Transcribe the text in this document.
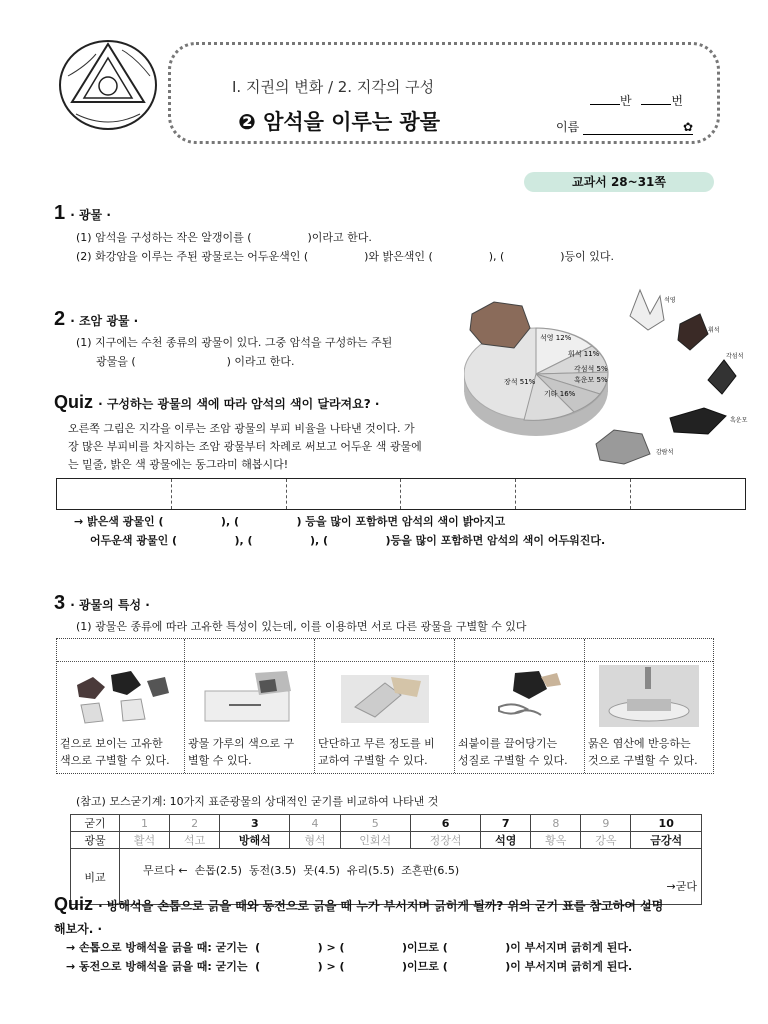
Ⅰ. 지권의 변화 / 2. 지각의 구성
❷ 암석을 이루는 광물
반	번
이름	✿
교과서 28~31쪽
1 · 광물 ·
(1) 암석을 구성하는 작은 알갱이를 (                )이라고 한다.
(2) 화강암을 이루는 주된 광물로는 어두운색인 (                )와 밝은색인 (                ), (                )등이 있다.
2 · 조암 광물 ·
(1) 지구에는 수천 종류의 광물이 있다. 그중 암석을 구성하는 주된
광물을 (                          ) 이라고 한다.
석영 12%
휘석 11%
각섬석 5%
흑운모 5%
기타 16%
장석 51%
석영
휘석
각섬석
흑운모
감람석
Quiz · 구성하는 광물의 색에 따라 암석의 색이 달라져요? ·
오른쪽 그림은 지각을 이루는 조암 광물의 부피 비율을 나타낸 것이다. 가
장 많은 부피비를 차지하는 조암 광물부터 차례로 써보고 어두운 색 광물에
는 밑줄, 밝은 색 광물에는 동그라미 해봅시다!
→ 밝은색 광물인 (               ), (               ) 등을 많이 포함하면 암석의 색이 밝아지고
어두운색 광물인 (               ), (               ), (               )등을 많이 포함하면 암석의 색이 어두워진다.
3 · 광물의 특성 ·
(1) 광물은 종류에 따라 고유한 특성이 있는데, 이를 이용하면 서로 다른 광물을 구별할 수 있다
겉으로 보이는 고유한
색으로 구별할 수 있다.
광물 가루의 색으로 구
별할 수 있다.
단단하고 무른 정도를 비
교하여 구별할 수 있다.
쇠붙이를 끌어당기는
성질로 구별할 수 있다.
묽은 염산에 반응하는
것으로 구별할 수 있다.
(참고) 모스굳기계: 10가지 표준광물의 상대적인 굳기를 비교하여 나타낸 것
굳기	1	2	3	4	5	6	7	8	9	10
광물	활석	석고	방해석	형석	인회석	정장석	석영	황옥	강옥	금강석
비교	무르다 ←  손톱(2.5)  동전(3.5)  못(4.5)  유리(5.5)  조흔판(6.5)

→굳다									

Quiz · 방해석을 손톱으로 긁을 때와 동전으로 긁을 때 누가 부서지며 긁히게 될까? 위의 굳기 표를 참고하여 설명
해보자. ·
→ 손톱으로 방해석을 긁을 때: 굳기는  (               ) > (               )이므로 (               )이 부서지며 긁히게 된다.
→ 동전으로 방해석을 긁을 때: 굳기는  (               ) > (               )이므로 (               )이 부서지며 긁히게 된다.
